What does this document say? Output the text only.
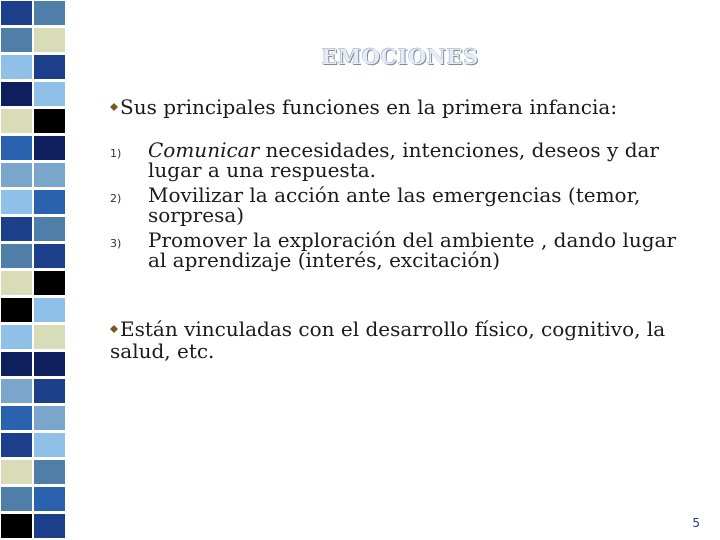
EMOCIONES
Sus principales funciones en la primera infancia:
1) Comunicar necesidades, intenciones, deseos y dar lugar a una respuesta.
2) Movilizar la acción ante las emergencias (temor, sorpresa)
3) Promover la exploración del ambiente , dando lugar al aprendizaje (interés, excitación)
Están vinculadas con el desarrollo físico, cognitivo, la salud, etc.
5
